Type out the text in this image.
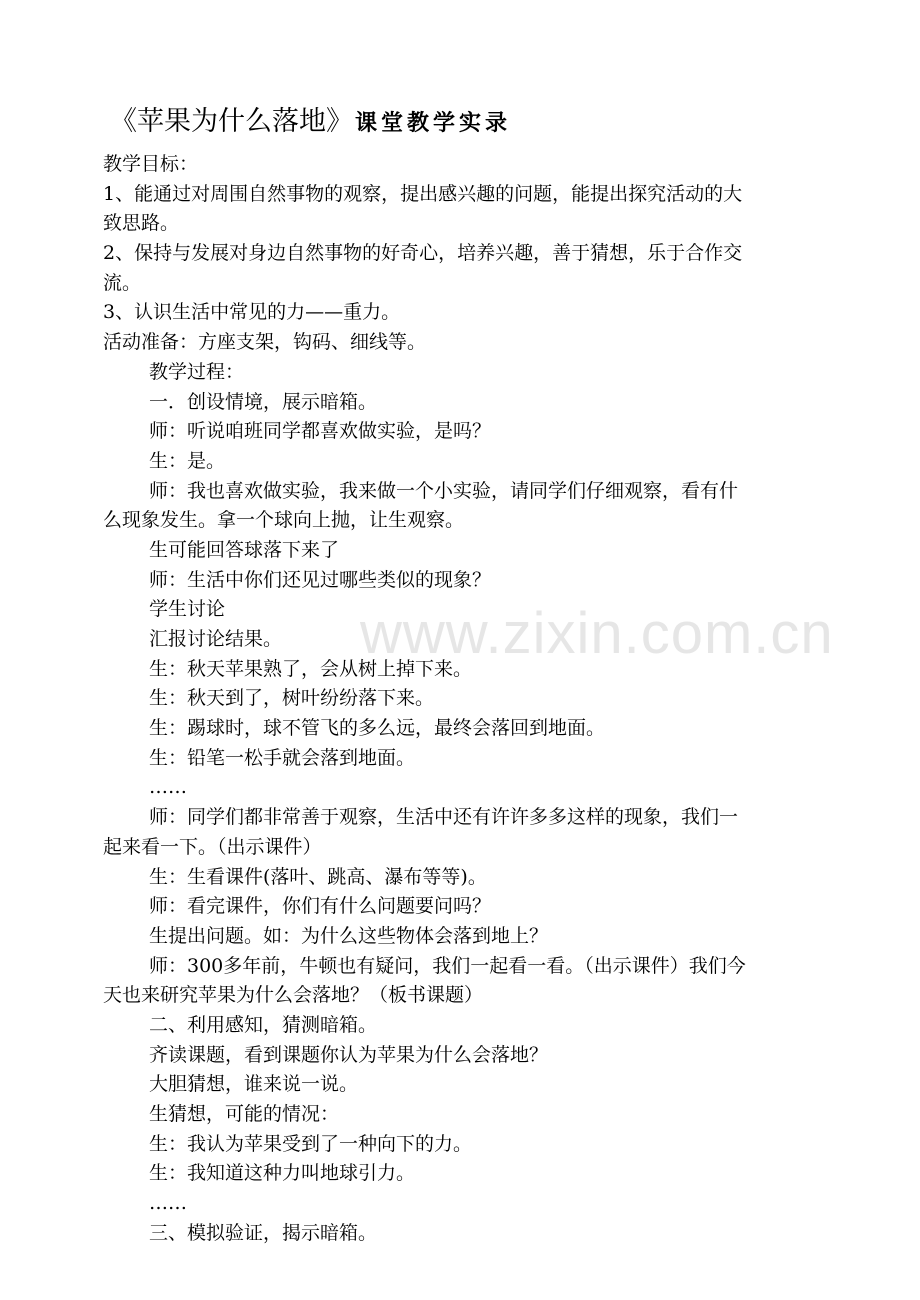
www.zixin.com.cn
《苹果为什么落地》课堂教学实录
教学目标：
1、能通过对周围自然事物的观察，提出感兴趣的问题，能提出探究活动的大
致思路。
2、保持与发展对身边自然事物的好奇心，培养兴趣，善于猜想，乐于合作交
流。
3、认识生活中常见的力——重力。
活动准备：方座支架，钩码、细线等。
教学过程：
一．创设情境，展示暗箱。
师：听说咱班同学都喜欢做实验，是吗？
生：是。
师：我也喜欢做实验，我来做一个小实验，请同学们仔细观察，看有什
么现象发生。拿一个球向上抛，让生观察。
生可能回答球落下来了
师：生活中你们还见过哪些类似的现象？
学生讨论
汇报讨论结果。
生：秋天苹果熟了，会从树上掉下来。
生：秋天到了，树叶纷纷落下来。
生：踢球时，球不管飞的多么远，最终会落回到地面。
生：铅笔一松手就会落到地面。
……
师：同学们都非常善于观察，生活中还有许许多多这样的现象，我们一
起来看一下。（出示课件）
生：生看课件(落叶、跳高、瀑布等等)。
师：看完课件，你们有什么问题要问吗？
生提出问题。如：为什么这些物体会落到地上？
师：300多年前，牛顿也有疑问，我们一起看一看。（出示课件）我们今
天也来研究苹果为什么会落地？（板书课题）
二、利用感知，猜测暗箱。
齐读课题，看到课题你认为苹果为什么会落地？
大胆猜想，谁来说一说。
生猜想，可能的情况：
生：我认为苹果受到了一种向下的力。
生：我知道这种力叫地球引力。
……
三、模拟验证，揭示暗箱。
